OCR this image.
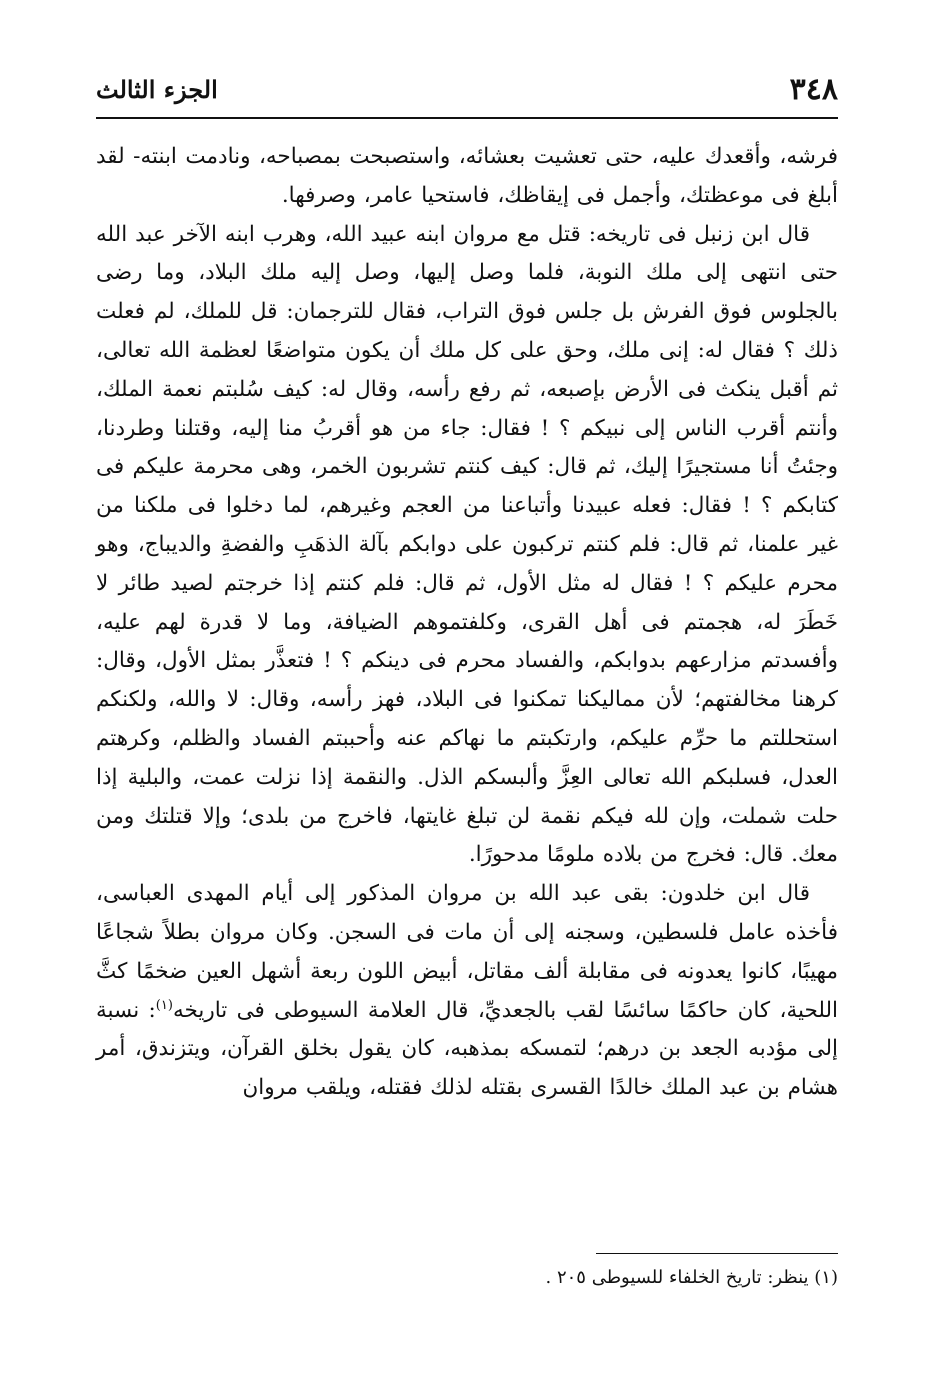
٣٤٨
الجزء الثالث

فرشه، وأقعدك عليه، حتى تعشيت بعشائه، واستصبحت بمصباحه، ونادمت ابنته- لقد أبلغ فى موعظتك، وأجمل فى إيقاظك، فاستحيا عامر، وصرفها.

قال ابن زنبل فى تاريخه: قتل مع مروان ابنه عبيد الله، وهرب ابنه الآخر عبد الله حتى انتهى إلى ملك النوبة، فلما وصل إليها، وصل إليه ملك البلاد، وما رضى بالجلوس فوق الفرش بل جلس فوق التراب، فقال للترجمان: قل للملك، لم فعلت ذلك ؟ فقال له: إنى ملك، وحق على كل ملك أن يكون متواضعًا لعظمة الله تعالى، ثم أقبل ينكث فى الأرض بإصبعه، ثم رفع رأسه، وقال له: كيف سُلبتم نعمة الملك، وأنتم أقرب الناس إلى نبيكم ؟ ! فقال: جاء من هو أقربُ منا إليه، وقتلنا وطردنا، وجئتُ أنا مستجيرًا إليك، ثم قال: كيف كنتم تشربون الخمر، وهى محرمة عليكم فى كتابكم ؟ ! فقال: فعله عبيدنا وأتباعنا من العجم وغيرهم، لما دخلوا فى ملكنا من غير علمنا، ثم قال: فلم كنتم تركبون على دوابكم بآلة الذهَبِ والفضةِ والديباج، وهو محرم عليكم ؟ ! فقال له مثل الأول، ثم قال: فلم كنتم إذا خرجتم لصيد طائر لا خَطَرَ له، هجمتم فى أهل القرى، وكلفتموهم الضيافة، وما لا قدرة لهم عليه، وأفسدتم مزارعهم بدوابكم، والفساد محرم فى دينكم ؟ ! فتعذَّر بمثل الأول، وقال: كرهنا مخالفتهم؛ لأن مماليكنا تمكنوا فى البلاد، فهز رأسه، وقال: لا والله، ولكنكم استحللتم ما حرِّم عليكم، وارتكبتم ما نهاكم عنه وأحببتم الفساد والظلم، وكرهتم العدل، فسلبكم الله تعالى العِزَّ وألبسكم الذل. والنقمة إذا نزلت عمت، والبلية إذا حلت شملت، وإن لله فيكم نقمة لن تبلغ غايتها، فاخرج من بلدى؛ وإلا قتلتك ومن معك. قال: فخرج من بلاده ملومًا مدحورًا.

قال ابن خلدون: بقى عبد الله بن مروان المذكور إلى أيام المهدى العباسى، فأخذه عامل فلسطين، وسجنه إلى أن مات فى السجن. وكان مروان بطلاً شجاعًا مهيبًا، كانوا يعدونه فى مقابلة ألف مقاتل، أبيض اللون ربعة أشهل العين ضخمًا كثَّ اللحية، كان حاكمًا سائسًا لقب بالجعديِّ، قال العلامة السيوطى فى تاريخه$^{(١)}$: نسبة إلى مؤدبه الجعد بن درهم؛ لتمسكه بمذهبه، كان يقول بخلق القرآن، ويتزندق، أمر هشام بن عبد الملك خالدًا القسرى بقتله لذلك فقتله، ويلقب مروان

(١) ينظر: تاريخ الخلفاء للسيوطى ٢٠٥ .
